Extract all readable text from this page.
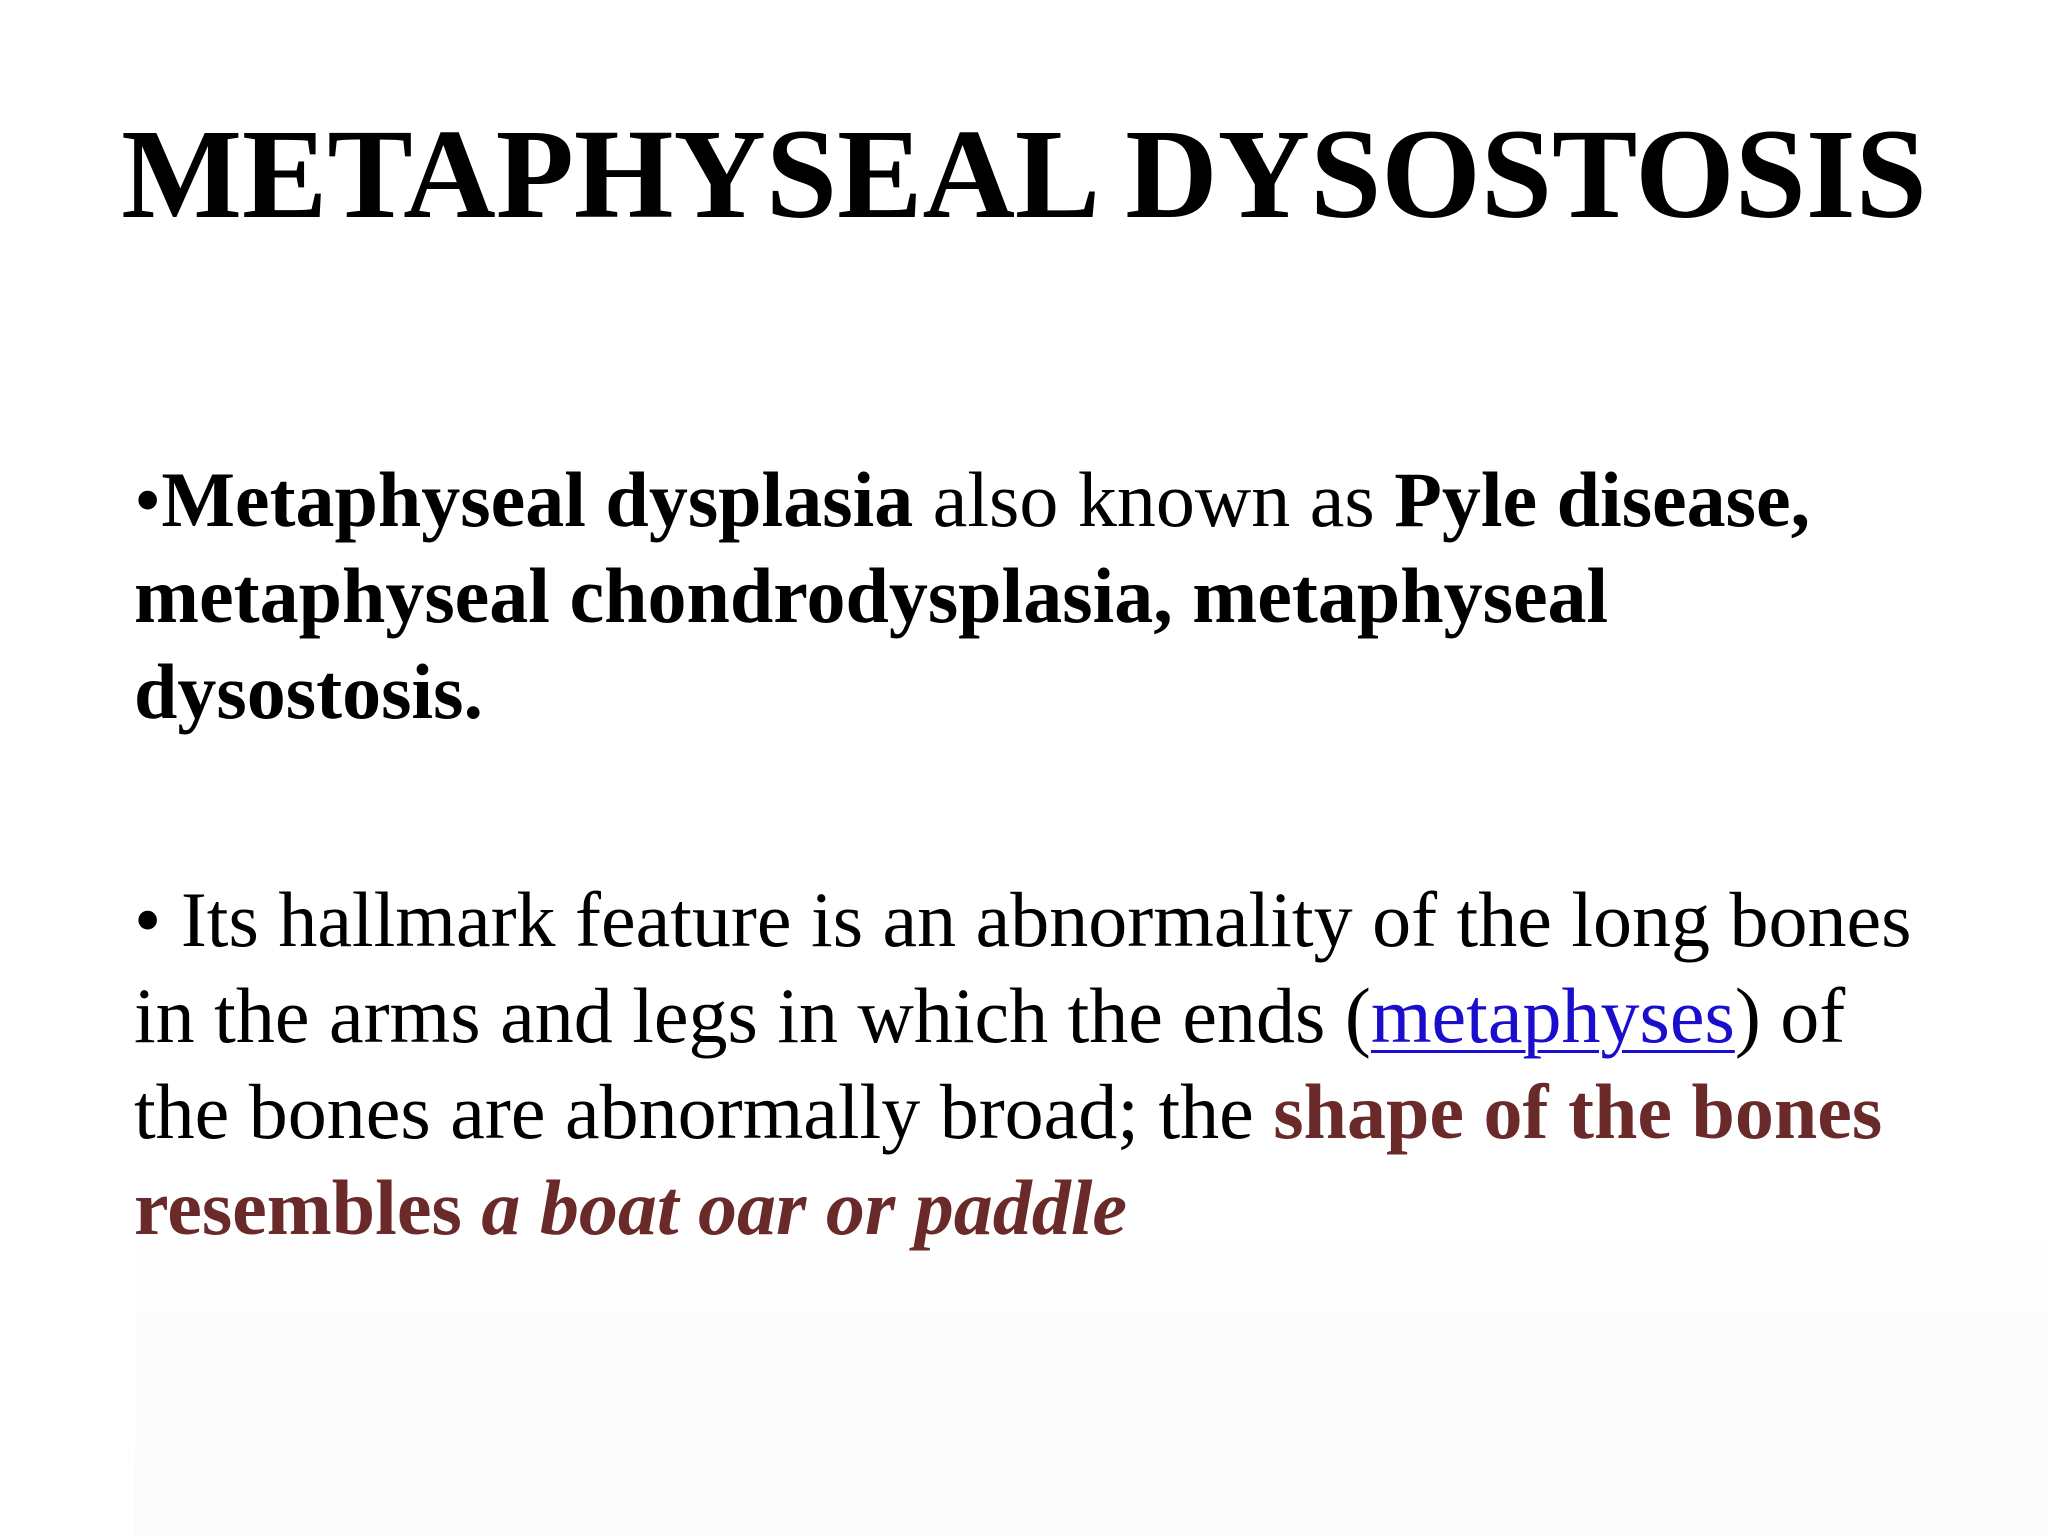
METAPHYSEAL DYSOSTOSIS

•Metaphyseal dysplasia also known as Pyle disease, metaphyseal chondrodysplasia, metaphyseal dysostosis.

• Its hallmark feature is an abnormality of the long bones in the arms and legs in which the ends (metaphyses) of the bones are abnormally broad; the shape of the bones resembles a boat oar or paddle
